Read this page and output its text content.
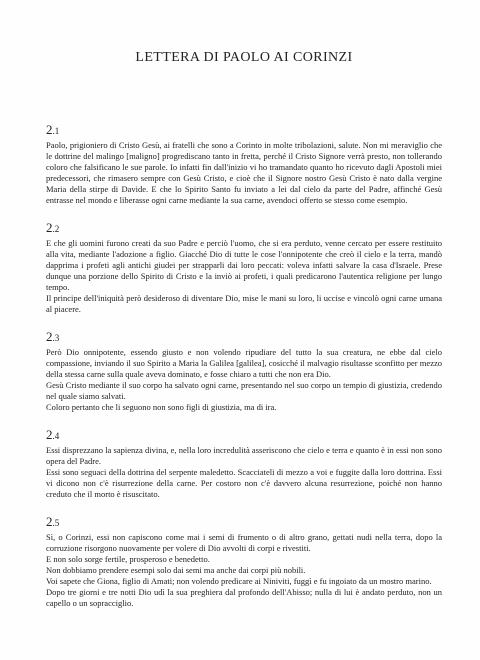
LETTERA DI PAOLO AI CORINZI
2.1

Paolo, prigioniero di Cristo Gesù, ai fratelli che sono a Corinto in molte tribolazioni, salute. Non mi meraviglio che le dottrine del malingo [maligno] progrediscano tanto in fretta, perché il Cristo Signore verrà presto, non tollerando coloro che falsificano le sue parole. Io infatti fin dall'inizio vi ho tramandato quanto ho ricevuto dagli Apostoli miei predecessori, che rimasero sempre con Gesù Cristo, e cioè che il Signore nostro Gesù Cristo è nato dalla vergine Maria della stirpe di Davide. E che lo Spirito Santo fu inviato a lei dal cielo da parte del Padre, affinché Gesù entrasse nel mondo e liberasse ogni carne mediante la sua carne, avendoci offerto se stesso come esempio.

2.2

E che gli uomini furono creati da suo Padre e perciò l'uomo, che si era perduto, venne cercato per essere restituito alla vita, mediante l'adozione a figlio. Giacché Dio di tutte le cose l'onnipotente che creò il cielo e la terra, mandò dapprima i profeti agli antichi giudei per strapparli dai loro peccati: voleva infatti salvare la casa d'Israele. Prese dunque una porzione dello Spirito di Cristo e la inviò ai profeti, i quali predicarono l'autentica religione per lungo tempo.

Il principe dell'iniquità però desideroso di diventare Dio, mise le mani su loro, li uccise e vincolò ogni carne umana al piacere.

2.3

Però Dio onnipotente, essendo giusto e non volendo ripudiare del tutto la sua creatura, ne ebbe dal cielo compassione, inviando il suo Spirito a Maria la Galilea [galilea], cosicché il malvagio risultasse sconfitto per mezzo della stessa carne sulla quale aveva dominato, e fosse chiaro a tutti che non era Dio.

Gesù Cristo mediante il suo corpo ha salvato ogni carne, presentando nel suo corpo un tempio di giustizia, credendo nel quale siamo salvati.

Coloro pertanto che li seguono non sono figli di giustizia, ma di ira.

2.4

Essi disprezzano la sapienza divina, e, nella loro incredulità asseriscono che cielo e terra e quanto è in essi non sono opera del Padre.

Essi sono seguaci della dottrina del serpente maledetto. Scacciateli di mezzo a voi e fuggite dalla loro dottrina. Essi vi dicono non c'è risurrezione della carne. Per costoro non c'è davvero alcuna resurrezione, poiché non hanno creduto che il morto è risuscitato.

2.5

Sì, o Corinzi, essi non capiscono come mai i semi di frumento o di altro grano, gettati nudi nella terra, dopo la corruzione risorgono nuovamente per volere di Dio avvolti di corpi e rivestiti.

E non solo sorge fertile, prosperoso e benedetto.

Non dobbiamo prendere esempi solo dai semi ma anche dai corpi più nobili.

Voi sapete che Giona, figlio di Amati; non volendo predicare ai Niniviti, fuggì e fu ingoiato da un mostro marino.

Dopo tre giorni e tre notti Dio udì la sua preghiera dal profondo dell'Abisso; nulla di lui è andato perduto, non un capello o un sopracciglio.
